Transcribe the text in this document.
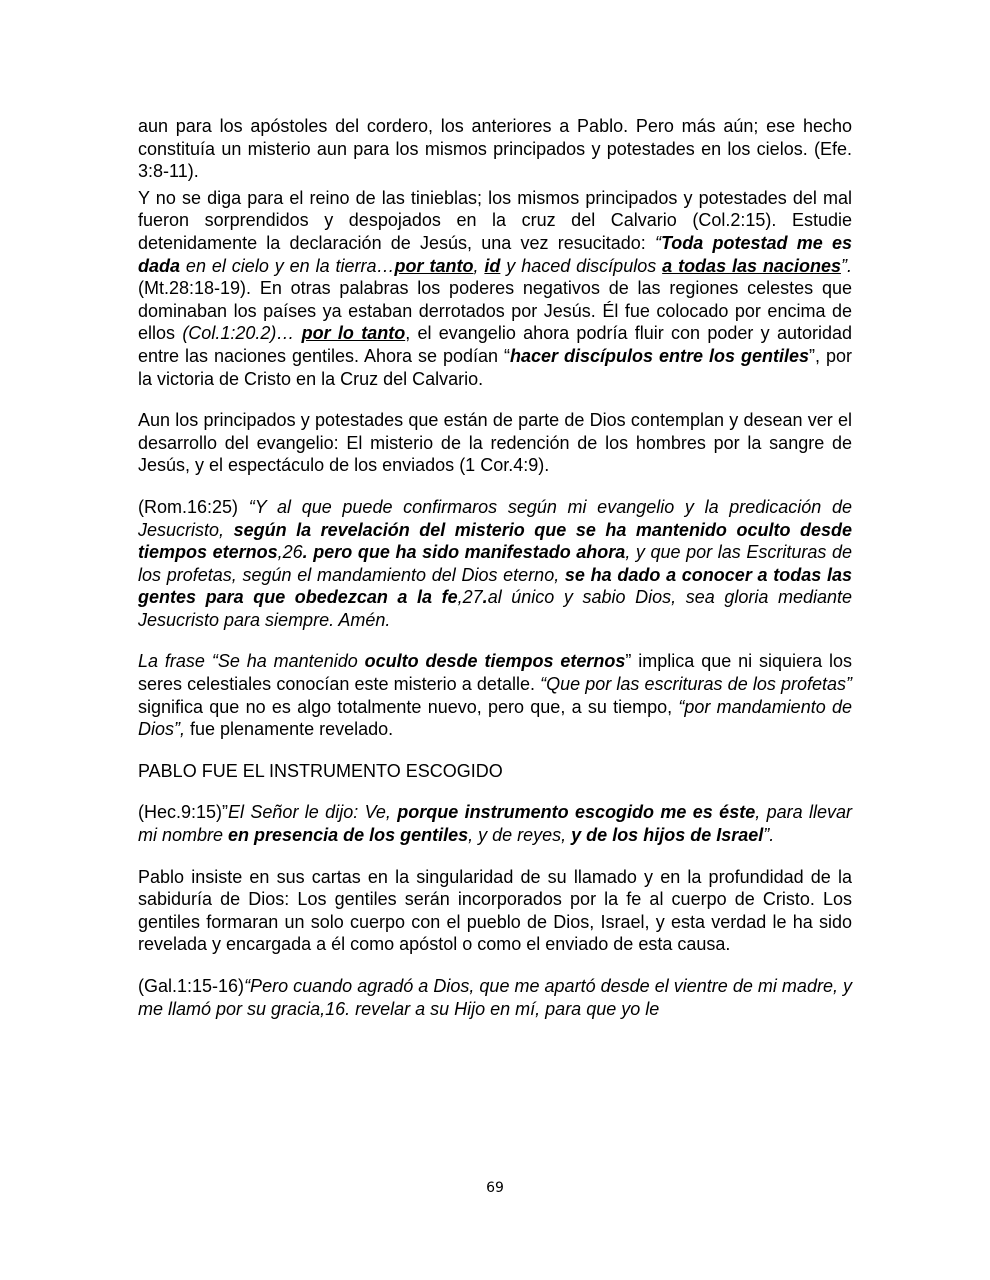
aun para los apóstoles del cordero, los anteriores a Pablo. Pero más aún; ese hecho constituía un misterio aun para los mismos principados y potestades en los cielos. (Efe. 3:8-11).

Y no se diga para el reino de las tinieblas; los mismos principados y potestades del mal fueron sorprendidos y despojados en la cruz del Calvario (Col.2:15). Estudie detenidamente la declaración de Jesús, una vez resucitado: “Toda potestad me es dada en el cielo y en la tierra…por tanto, id y haced discípulos a todas las naciones”. (Mt.28:18-19). En otras palabras los poderes negativos de las regiones celestes que dominaban los países ya estaban derrotados por Jesús. Él fue colocado por encima de ellos (Col.1:20.2)… por lo tanto, el evangelio ahora podría fluir con poder y autoridad entre las naciones gentiles. Ahora se podían “hacer discípulos entre los gentiles”, por la victoria de Cristo en la Cruz del Calvario.

Aun los principados y potestades que están de parte de Dios contemplan y desean ver el desarrollo del evangelio: El misterio de la redención de los hombres por la sangre de Jesús, y el espectáculo de los enviados (1 Cor.4:9).

(Rom.16:25) “Y al que puede confirmaros según mi evangelio y la predicación de Jesucristo, según la revelación del misterio que se ha mantenido oculto desde tiempos eternos,26. pero que ha sido manifestado ahora, y que por las Escrituras de los profetas, según el mandamiento del Dios eterno, se ha dado a conocer a todas las gentes para que obedezcan a la fe,27.al único y sabio Dios, sea gloria mediante Jesucristo para siempre. Amén.

La frase “Se ha mantenido oculto desde tiempos eternos” implica que ni siquiera los seres celestiales conocían este misterio a detalle. “Que por las escrituras de los profetas” significa que no es algo totalmente nuevo, pero que, a su tiempo, “por mandamiento de Dios”, fue plenamente revelado.

PABLO FUE EL INSTRUMENTO ESCOGIDO

(Hec.9:15)”El Señor le dijo: Ve, porque instrumento escogido me es éste, para llevar mi nombre en presencia de los gentiles, y de reyes, y de los hijos de Israel”.

Pablo insiste en sus cartas en la singularidad de su llamado y en la profundidad de la sabiduría de Dios: Los gentiles serán incorporados por la fe al cuerpo de Cristo. Los gentiles formaran un solo cuerpo con el pueblo de Dios, Israel, y esta verdad le ha sido revelada y encargada a él como apóstol o como el enviado de esta causa.

(Gal.1:15-16)“Pero cuando agradó a Dios, que me apartó desde el vientre de mi madre, y me llamó por su gracia,16. revelar a su Hijo en mí, para que yo le

69
